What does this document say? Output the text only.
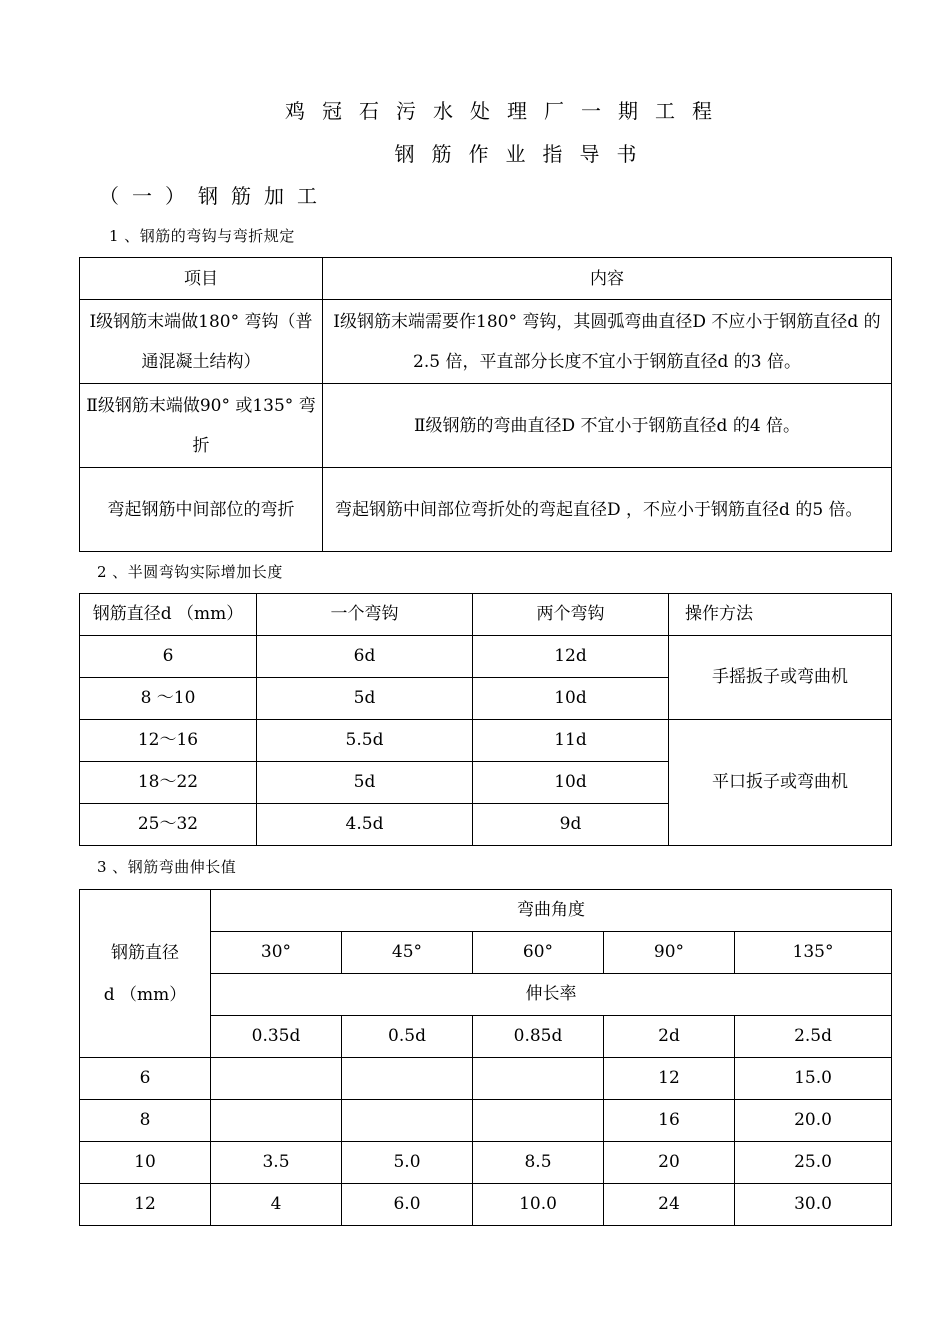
鸡冠石污水处理厂一期工程
钢筋作业指导书
（一）钢筋加工
1 、钢筋的弯钩与弯折规定
项目	内容
Ⅰ级钢筋末端做180° 弯钩（普通混凝土结构）	Ⅰ级钢筋末端需要作180° 弯钩，其圆弧弯曲直径D 不应小于钢筋直径d 的2.5 倍，平直部分长度不宜小于钢筋直径d 的3 倍。
Ⅱ级钢筋末端做90° 或135° 弯折	Ⅱ级钢筋的弯曲直径D 不宜小于钢筋直径d 的4 倍。
弯起钢筋中间部位的弯折	弯起钢筋中间部位弯折处的弯起直径D ，不应小于钢筋直径d 的5 倍。
2 、半圆弯钩实际增加长度
钢筋直径d （mm）	一个弯钩	两个弯钩	操作方法
6	6d	12d	手摇扳子或弯曲机
8 ～10	5d	10d	
12～16	5.5d	11d	平口扳子或弯曲机
18～22	5d	10d	
25～32	4.5d	9d	
3 、钢筋弯曲伸长值
钢筋直径
d （mm）	弯曲角度				
	30°	45°	60°	90°	135°
	伸长率				
	0.35d	0.5d	0.85d	2d	2.5d
6				12	15.0
8				16	20.0
10	3.5	5.0	8.5	20	25.0
12	4	6.0	10.0	24	30.0
